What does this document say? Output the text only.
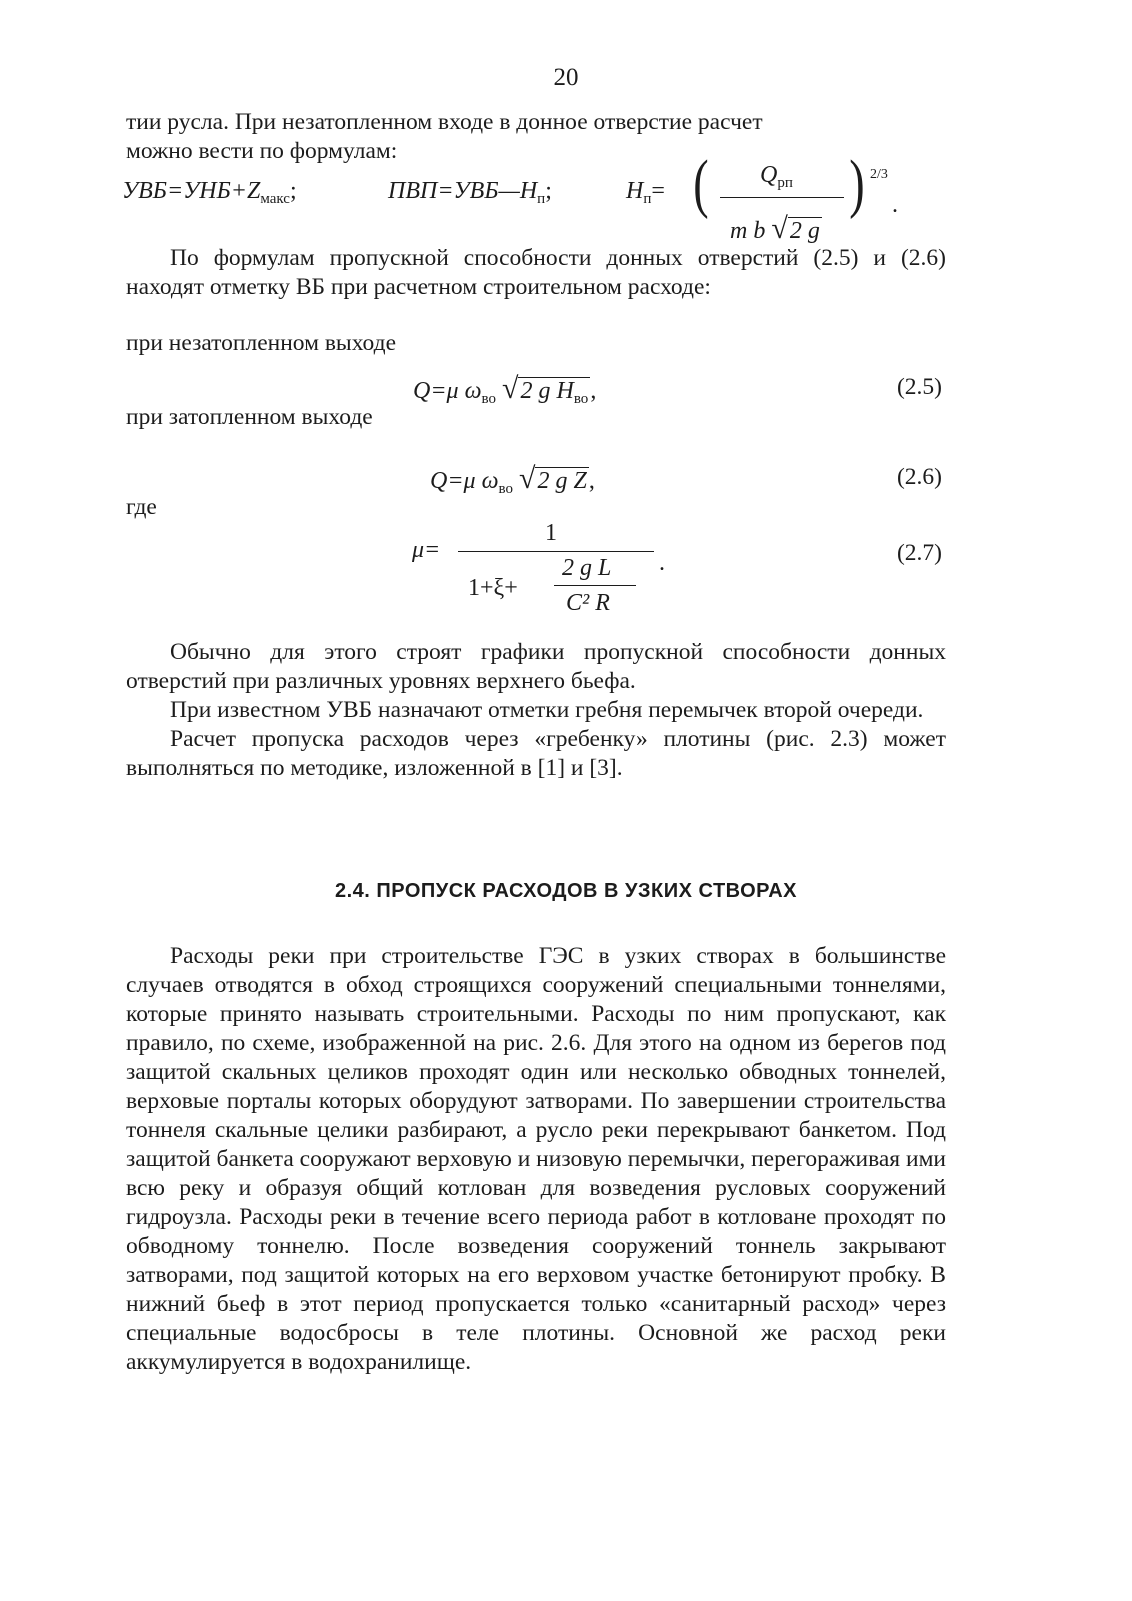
20

тии русла. При незатопленном входе в донное отверстие расчет

можно вести по формулам:

$УВБ=УНБ+Z_{макс}$;	$ПВП=УВБ—H_п$;	$H_п=$ ( $Q_{рп}$
m b √2 g
) 2/3
.

По формулам пропускной способности донных отверстий (2.5) и (2.6) находят отметку ВБ при расчетном строительном расходе:

при незатопленном выходе
Q=μ $\omega_{во}$ √2 g $H_{во}$,	(2.5)
при затопленном выходе
Q=μ $\omega_{во}$ √2 g Z,	(2.6)
где
μ=
1
1+ξ+
2 g L
C² R
.	(2.7)

Обычно для этого строят графики пропускной способности донных отверстий при различных уровнях верхнего бьефа.

При известном УВБ назначают отметки гребня перемычек второй очереди.

Расчет пропуска расходов через «гребенку» плотины (рис. 2.3) может выполняться по методике, изложенной в [1] и [3].

2.4. ПРОПУСК РАСХОДОВ В УЗКИХ СТВОРАХ

Расходы реки при строительстве ГЭС в узких створах в большинстве случаев отводятся в обход строящихся сооружений специальными тоннелями, которые принято называть строительными. Расходы по ним пропускают, как правило, по схеме, изображенной на рис. 2.6. Для этого на одном из берегов под защитой скальных целиков проходят один или несколько обводных тоннелей, верховые порталы которых оборудуют затворами. По завершении строительства тоннеля скальные целики разбирают, а русло реки перекрывают банкетом. Под защитой банкета сооружают верховую и низовую перемычки, перегораживая ими всю реку и образуя общий котлован для возведения русловых сооружений гидроузла. Расходы реки в течение всего периода работ в котловане проходят по обводному тоннелю. После возведения сооружений тоннель закрывают затворами, под защитой которых на его верховом участке бетонируют пробку. В нижний бьеф в этот период пропускается только «санитарный расход» через специальные водосбросы в теле плотины. Основной же расход реки аккумулируется в водохранилище.
